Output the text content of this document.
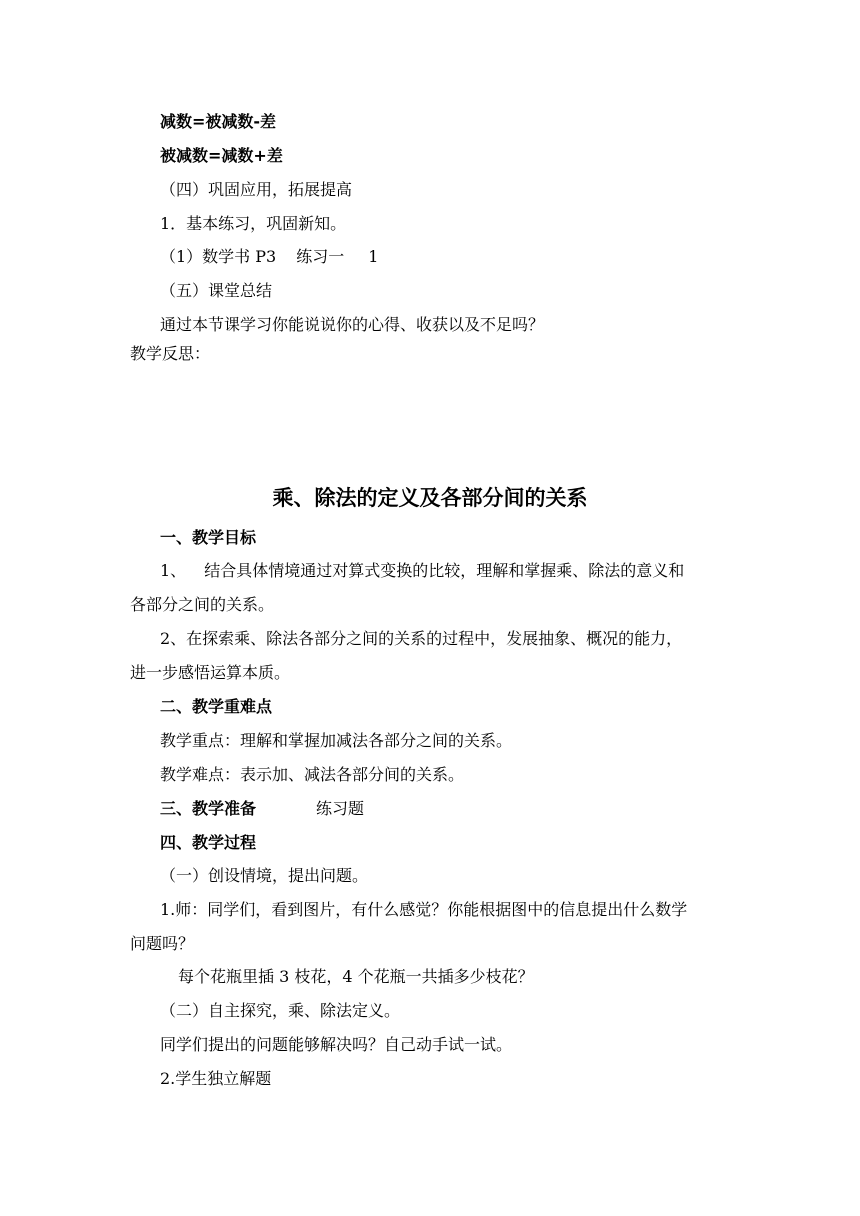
减数=被减数-差
被减数=减数+差
（四）巩固应用，拓展提高
1．基本练习，巩固新知。
（1）数学书 P3 练习一 1
（五）课堂总结
通过本节课学习你能说说你的心得、收获以及不足吗？
教学反思：
乘、除法的定义及各部分间的关系
一、教学目标
1、 结合具体情境通过对算式变换的比较，理解和掌握乘、除法的意义和
各部分之间的关系。
2、在探索乘、除法各部分之间的关系的过程中，发展抽象、概况的能力，
进一步感悟运算本质。
二、教学重难点
教学重点：理解和掌握加减法各部分之间的关系。
教学难点：表示加、减法各部分间的关系。
三、教学准备	练习题
四、教学过程
（一）创设情境，提出问题。
1.师：同学们，看到图片，有什么感觉？你能根据图中的信息提出什么数学
问题吗？
每个花瓶里插 3 枝花，4 个花瓶一共插多少枝花？
（二）自主探究，乘、除法定义。
同学们提出的问题能够解决吗？自己动手试一试。
2.学生独立解题
